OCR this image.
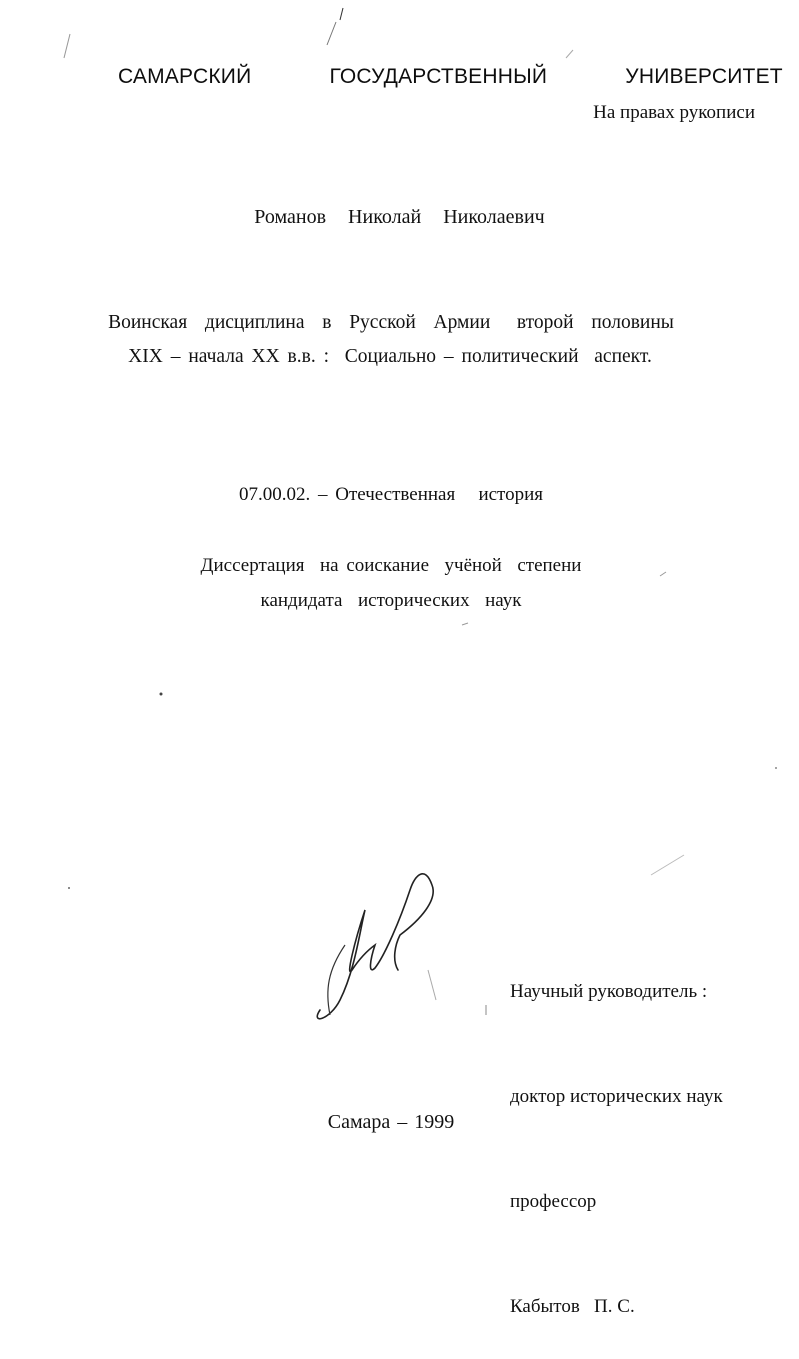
САМАРСКИЙ   ГОСУДАРСТВЕННЫЙ   УНИВЕРСИТЕТ
На правах рукописи
Романов  Николай  Николаевич
Воинская  дисциплина  в  Русской  Армии   второй  половины
XIX – начала XX в.в. :  Социально – политический  аспект.
07.00.02. – Отечественная   история
Диссертация  на соискание  учёной  степени
кандидата  исторических  наук

Научный руководитель :

доктор исторических наук

профессор

Кабытов   П. С.

Самара – 1999
